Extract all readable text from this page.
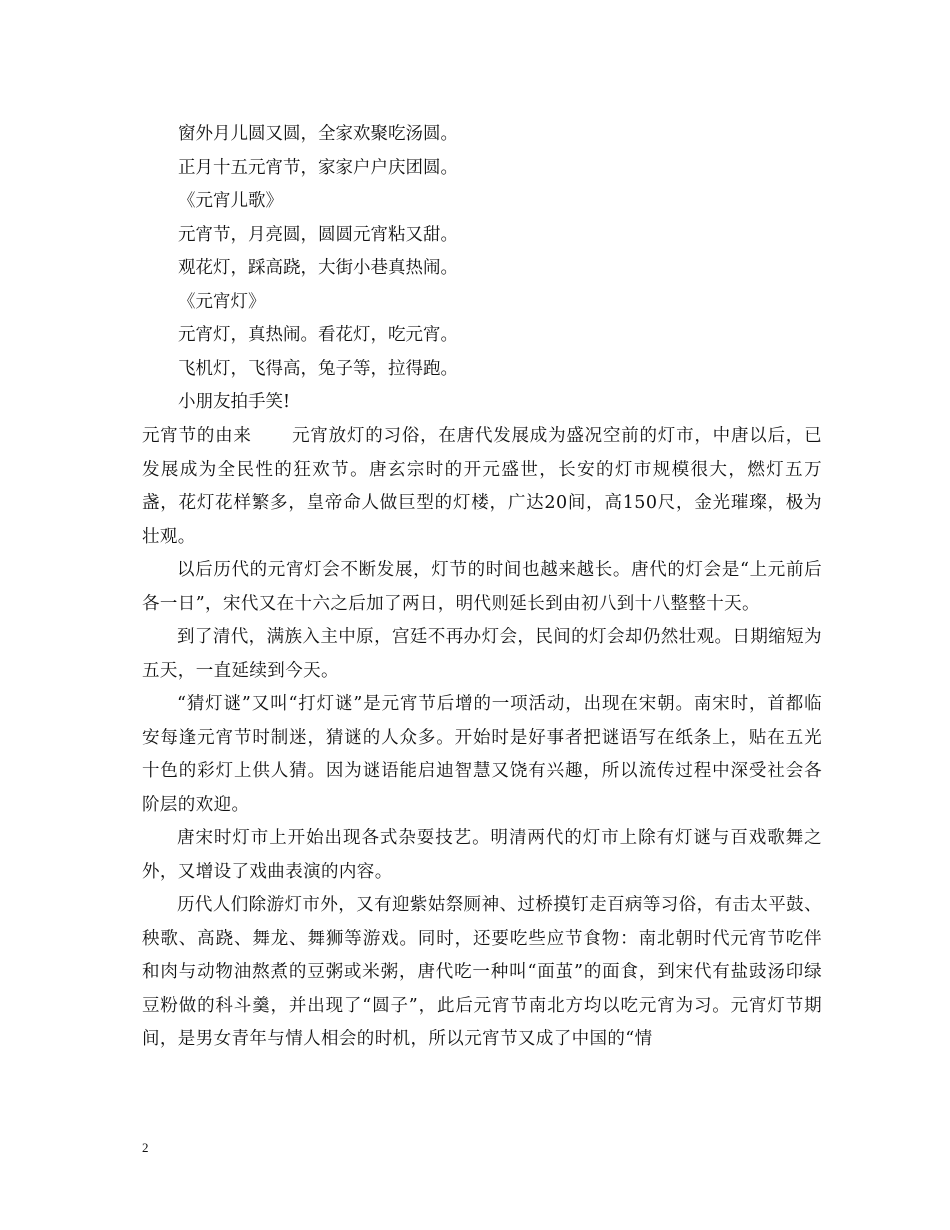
窗外月儿圆又圆，全家欢聚吃汤圆。
正月十五元宵节，家家户户庆团圆。
《元宵儿歌》
元宵节，月亮圆，圆圆元宵粘又甜。
观花灯，踩高跷，大街小巷真热闹。
《元宵灯》
元宵灯，真热闹。看花灯，吃元宵。
飞机灯，飞得高，兔子等，拉得跑。
小朋友拍手笑!

元宵节的由来 元宵放灯的习俗，在唐代发展成为盛况空前的灯市，中唐以后，已发展成为全民性的狂欢节。唐玄宗时的开元盛世，长安的灯市规模很大，燃灯五万盏，花灯花样繁多，皇帝命人做巨型的灯楼，广达20间，高150尺，金光璀璨，极为壮观。

以后历代的元宵灯会不断发展，灯节的时间也越来越长。唐代的灯会是“上元前后各一日”，宋代又在十六之后加了两日，明代则延长到由初八到十八整整十天。

到了清代，满族入主中原，宫廷不再办灯会，民间的灯会却仍然壮观。日期缩短为五天，一直延续到今天。

“猜灯谜”又叫“打灯谜”是元宵节后增的一项活动，出现在宋朝。南宋时，首都临安每逢元宵节时制迷，猜谜的人众多。开始时是好事者把谜语写在纸条上，贴在五光十色的彩灯上供人猜。因为谜语能启迪智慧又饶有兴趣，所以流传过程中深受社会各阶层的欢迎。

唐宋时灯市上开始出现各式杂耍技艺。明清两代的灯市上除有灯谜与百戏歌舞之外，又增设了戏曲表演的内容。

历代人们除游灯市外，又有迎紫姑祭厕神、过桥摸钉走百病等习俗，有击太平鼓、秧歌、高跷、舞龙、舞狮等游戏。同时，还要吃些应节食物：南北朝时代元宵节吃伴和肉与动物油熬煮的豆粥或米粥，唐代吃一种叫“面茧”的面食，到宋代有盐豉汤印绿豆粉做的科斗羹，并出现了“圆子”，此后元宵节南北方均以吃元宵为习。元宵灯节期间，是男女青年与情人相会的时机，所以元宵节又成了中国的“情

2
